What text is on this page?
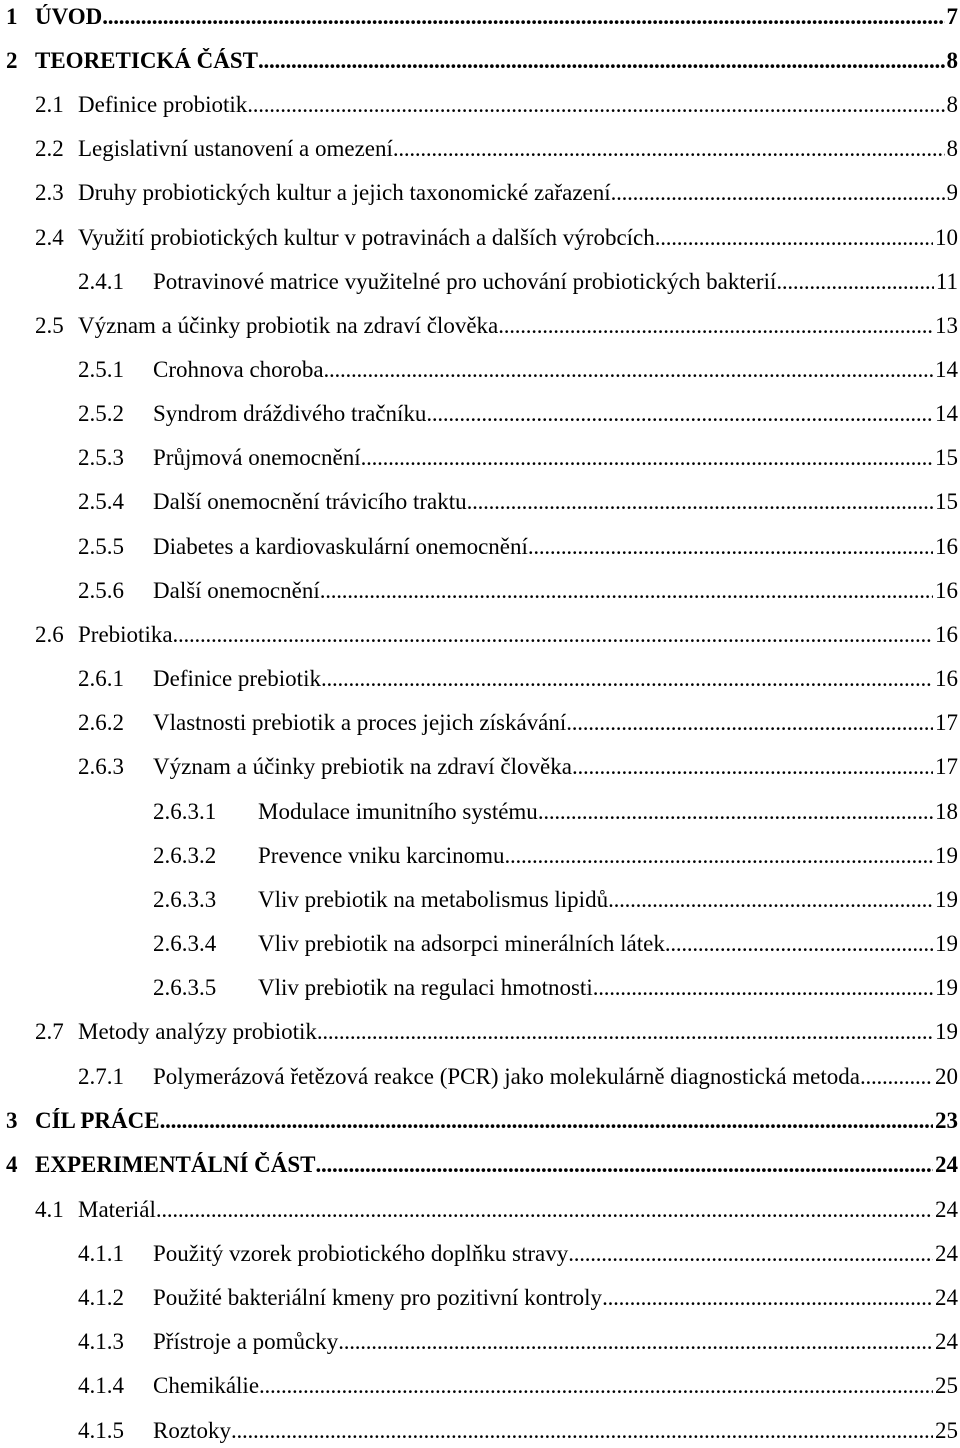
1 ÚVOD . . .	7
2 TEORETICKÁ ČÁST . . .	8
2.1 Definice probiotik . . .	8
2.2 Legislativní ustanovení a omezení . . .	8
2.3 Druhy probiotických kultur a jejich taxonomické zařazení . . .	9
2.4 Využití probiotických kultur v potravinách a dalších výrobcích . . .	10
2.4.1 Potravinové matrice využitelné pro uchování probiotických bakterií . . .	11
2.5 Význam a účinky probiotik na zdraví člověka . . .	13
2.5.1 Crohnova choroba . . .	14
2.5.2 Syndrom dráždivého tračníku . . .	14
2.5.3 Průjmová onemocnění . . .	15
2.5.4 Další onemocnění trávicího traktu . . .	15
2.5.5 Diabetes a kardiovaskulární onemocnění . . .	16
2.5.6 Další onemocnění . . .	16
2.6 Prebiotika . . .	16
2.6.1 Definice prebiotik . . .	16
2.6.2 Vlastnosti prebiotik a proces jejich získávání . . .	17
2.6.3 Význam a účinky prebiotik na zdraví člověka . . .	17
2.6.3.1 Modulace imunitního systému . . .	18
2.6.3.2 Prevence vniku karcinomu . . .	19
2.6.3.3 Vliv prebiotik na metabolismus lipidů . . .	19
2.6.3.4 Vliv prebiotik na adsorpci minerálních látek . . .	19
2.6.3.5 Vliv prebiotik na regulaci hmotnosti . . .	19
2.7 Metody analýzy probiotik . . .	19
2.7.1 Polymerázová řetězová reakce (PCR) jako molekulárně diagnostická metoda . . .	20
3 CÍL PRÁCE . . .	23
4 EXPERIMENTÁLNÍ ČÁST . . .	24
4.1 Materiál . . .	24
4.1.1 Použitý vzorek probiotického doplňku stravy . . .	24
4.1.2 Použité bakteriální kmeny pro pozitivní kontroly . . .	24
4.1.3 Přístroje a pomůcky . . .	24
4.1.4 Chemikálie . . .	25
4.1.5 Roztoky . . .	25
